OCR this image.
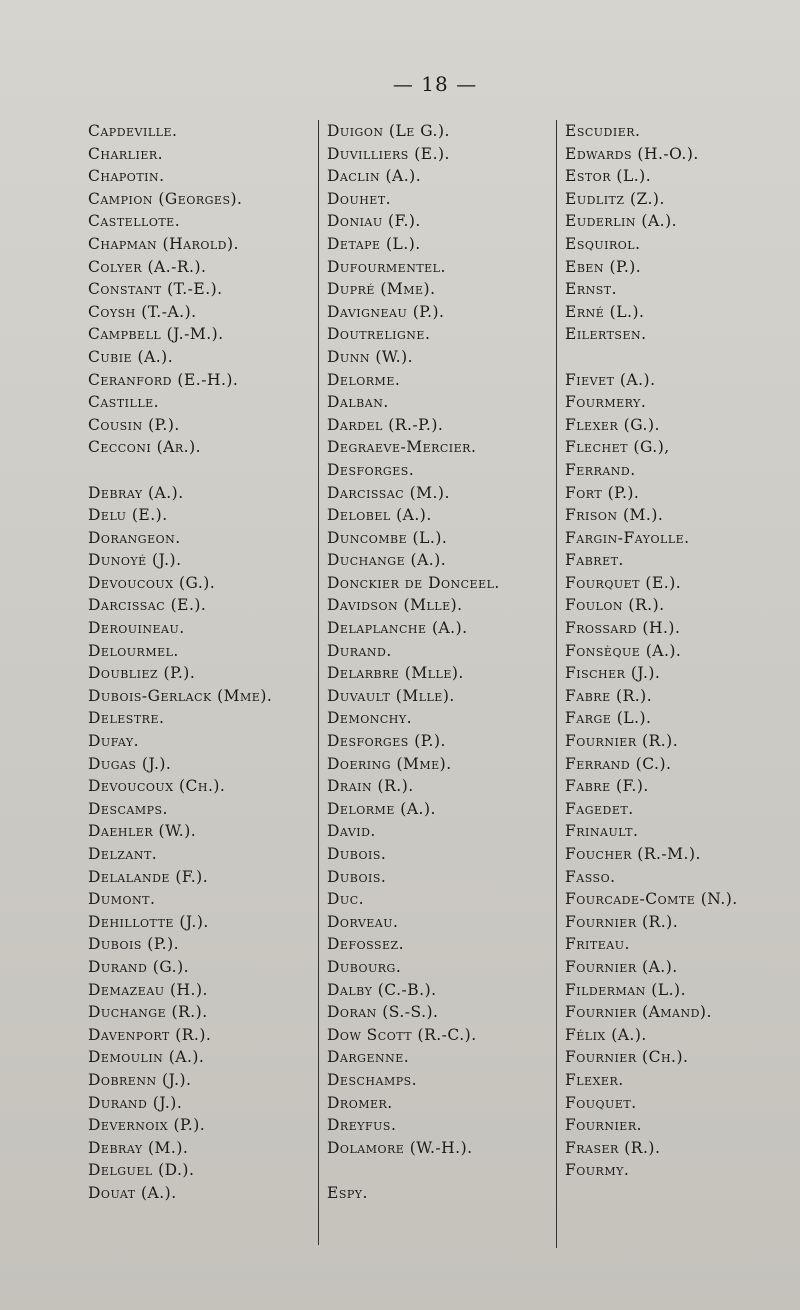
— 18 —
Capdeville.
Charlier.
Chapotin.
Campion (Georges).
Castellote.
Chapman (Harold).
Colyer (A.-R.).
Constant (T.-E.).
Coysh (T.-A.).
Campbell (J.-M.).
Cubie (A.).
Ceranford (E.-H.).
Castille.
Cousin (P.).
Cecconi (Ar.).
Debray (A.).
Delu (E.).
Dorangeon.
Dunoyé (J.).
Devoucoux (G.).
Darcissac (E.).
Derouineau.
Delourmel.
Doubliez (P.).
Dubois-Gerlack (Mme).
Delestre.
Dufay.
Dugas (J.).
Devoucoux (Ch.).
Descamps.
Daehler (W.).
Delzant.
Delalande (F.).
Dumont.
Dehillotte (J.).
Dubois (P.).
Durand (G.).
Demazeau (H.).
Duchange (R.).
Davenport (R.).
Demoulin (A.).
Dobrenn (J.).
Durand (J.).
Devernoix (P.).
Debray (M.).
Delguel (D.).
Douat (A.).
Duigon (Le G.).
Duvilliers (E.).
Daclin (A.).
Douhet.
Doniau (F.).
Detape (L.).
Dufourmentel.
Dupré (Mme).
Davigneau (P.).
Doutreligne.
Dunn (W.).
Delorme.
Dalban.
Dardel (R.-P.).
Degraeve-Mercier.
Desforges.
Darcissac (M.).
Delobel (A.).
Duncombe (L.).
Duchange (A.).
Donckier de Donceel.
Davidson (Mlle).
Delaplanche (A.).
Durand.
Delarbre (Mlle).
Duvault (Mlle).
Demonchy.
Desforges (P.).
Doering (Mme).
Drain (R.).
Delorme (A.).
David.
Dubois.
Dubois.
Duc.
Dorveau.
Defossez.
Dubourg.
Dalby (C.-B.).
Doran (S.-S.).
Dow Scott (R.-C.).
Dargenne.
Deschamps.
Dromer.
Dreyfus.
Dolamore (W.-H.).
Espy.
Escudier.
Edwards (H.-O.).
Estor (L.).
Eudlitz (Z.).
Euderlin (A.).
Esquirol.
Eben (P.).
Ernst.
Erné (L.).
Eilertsen.
Fievet (A.).
Fourmery.
Flexer (G.).
Flechet (G.),
Ferrand.
Fort (P.).
Frison (M.).
Fargin-Fayolle.
Fabret.
Fourquet (E.).
Foulon (R.).
Frossard (H.).
Fonsèque (A.).
Fischer (J.).
Fabre (R.).
Farge (L.).
Fournier (R.).
Ferrand (C.).
Fabre (F.).
Fagedet.
Frinault.
Foucher (R.-M.).
Fasso.
Fourcade-Comte (N.).
Fournier (R.).
Friteau.
Fournier (A.).
Filderman (L.).
Fournier (Amand).
Félix (A.).
Fournier (Ch.).
Flexer.
Fouquet.
Fournier.
Fraser (R.).
Fourmy.
